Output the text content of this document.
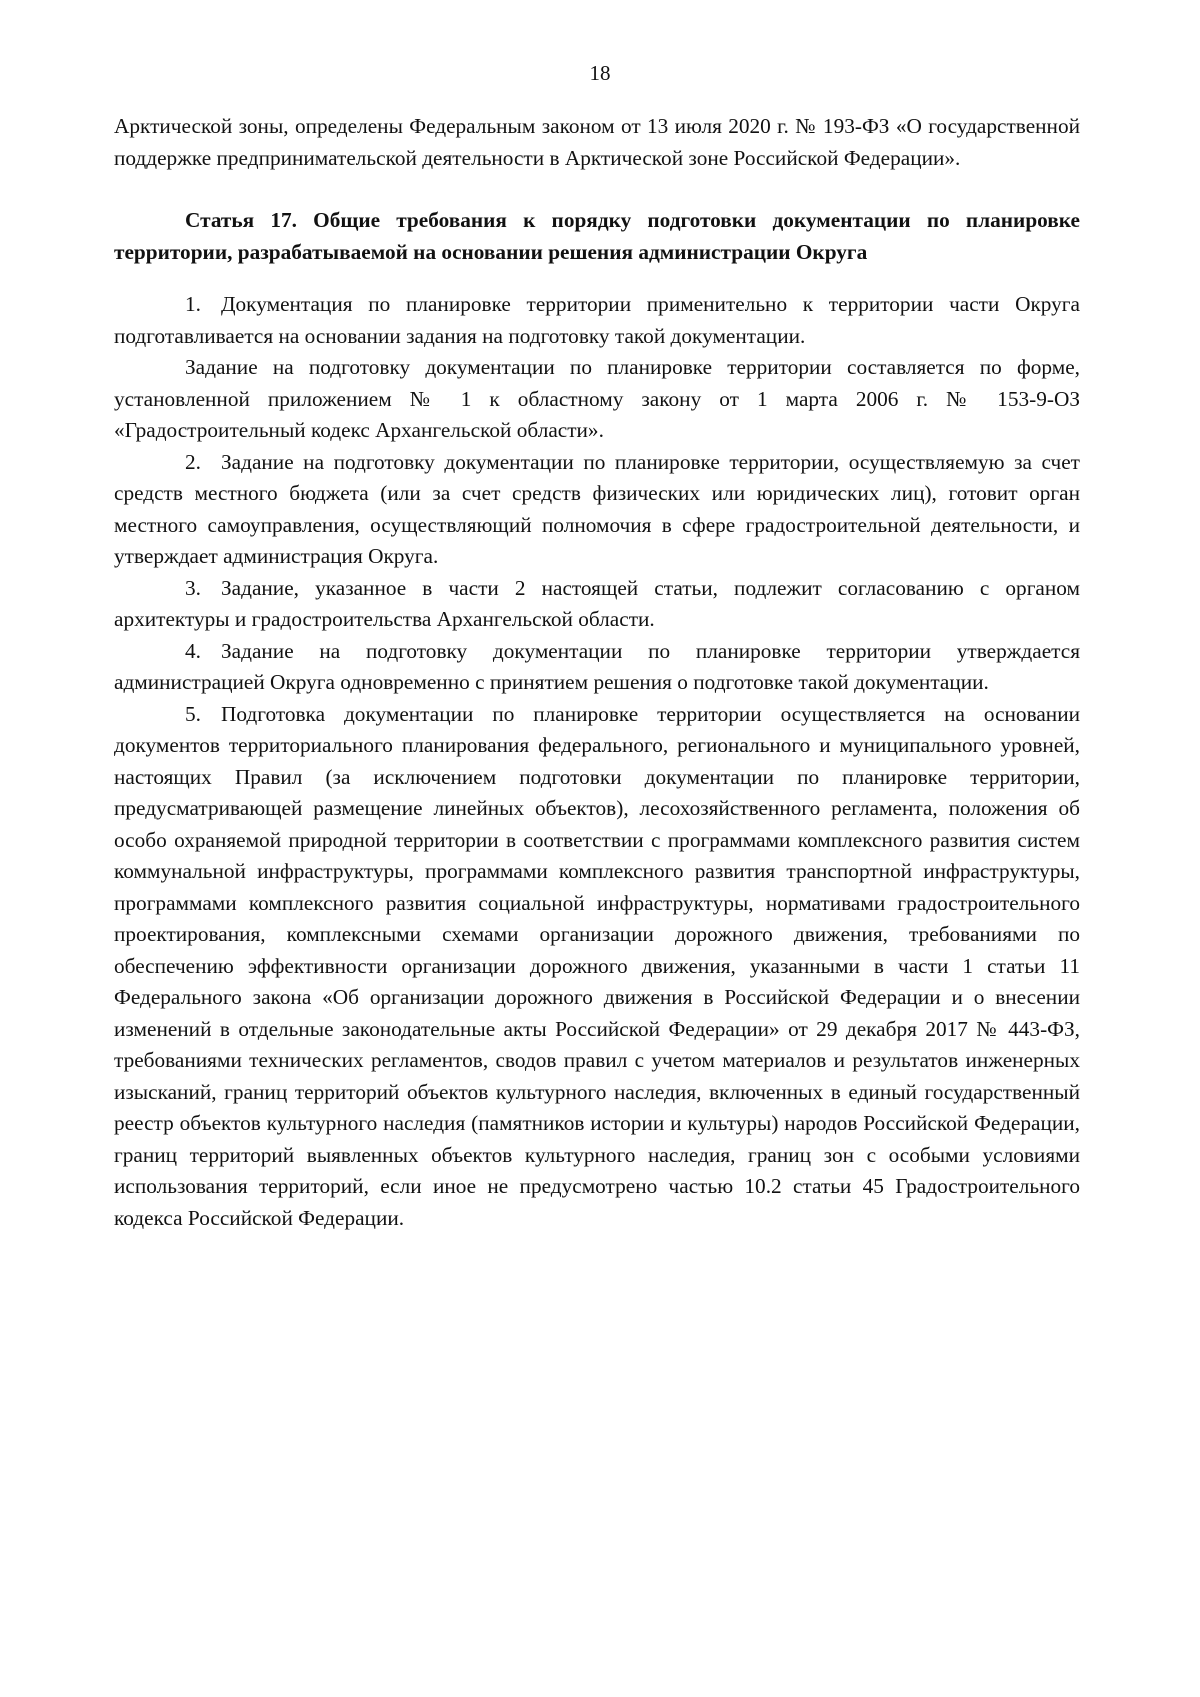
18

Арктической зоны, определены Федеральным законом от 13 июля 2020 г. № 193-ФЗ «О государственной поддержке предпринимательской деятельности в Арктической зоне Российской Федерации».

Статья 17. Общие требования к порядку подготовки документации по планировке территории, разрабатываемой на основании решения администрации Округа

1. Документация по планировке территории применительно к территории части Округа подготавливается на основании задания на подготовку такой документации.

Задание на подготовку документации по планировке территории составляется по форме, установленной приложением № 1 к областному закону от 1 марта 2006 г. № 153-9-ОЗ «Градостроительный кодекс Архангельской области».

2. Задание на подготовку документации по планировке территории, осуществляемую за счет средств местного бюджета (или за счет средств физических или юридических лиц), готовит орган местного самоуправления, осуществляющий полномочия в сфере градостроительной деятельности, и утверждает администрация Округа.

3. Задание, указанное в части 2 настоящей статьи, подлежит согласованию с органом архитектуры и градостроительства Архангельской области.

4. Задание на подготовку документации по планировке территории утверждается администрацией Округа одновременно с принятием решения о подготовке такой документации.

5. Подготовка документации по планировке территории осуществляется на основании документов территориального планирования федерального, регионального и муниципального уровней, настоящих Правил (за исключением подготовки документации по планировке территории, предусматривающей размещение линейных объектов), лесохозяйственного регламента, положения об особо охраняемой природной территории в соответствии с программами комплексного развития систем коммунальной инфраструктуры, программами комплексного развития транспортной инфраструктуры, программами комплексного развития социальной инфраструктуры, нормативами градостроительного проектирования, комплексными схемами организации дорожного движения, требованиями по обеспечению эффективности организации дорожного движения, указанными в части 1 статьи 11 Федерального закона «Об организации дорожного движения в Российской Федерации и о внесении изменений в отдельные законодательные акты Российской Федерации» от 29 декабря 2017 № 443-ФЗ, требованиями технических регламентов, сводов правил с учетом материалов и результатов инженерных изысканий, границ территорий объектов культурного наследия, включенных в единый государственный реестр объектов культурного наследия (памятников истории и культуры) народов Российской Федерации, границ территорий выявленных объектов культурного наследия, границ зон с особыми условиями использования территорий, если иное не предусмотрено частью 10.2 статьи 45 Градостроительного кодекса Российской Федерации.
